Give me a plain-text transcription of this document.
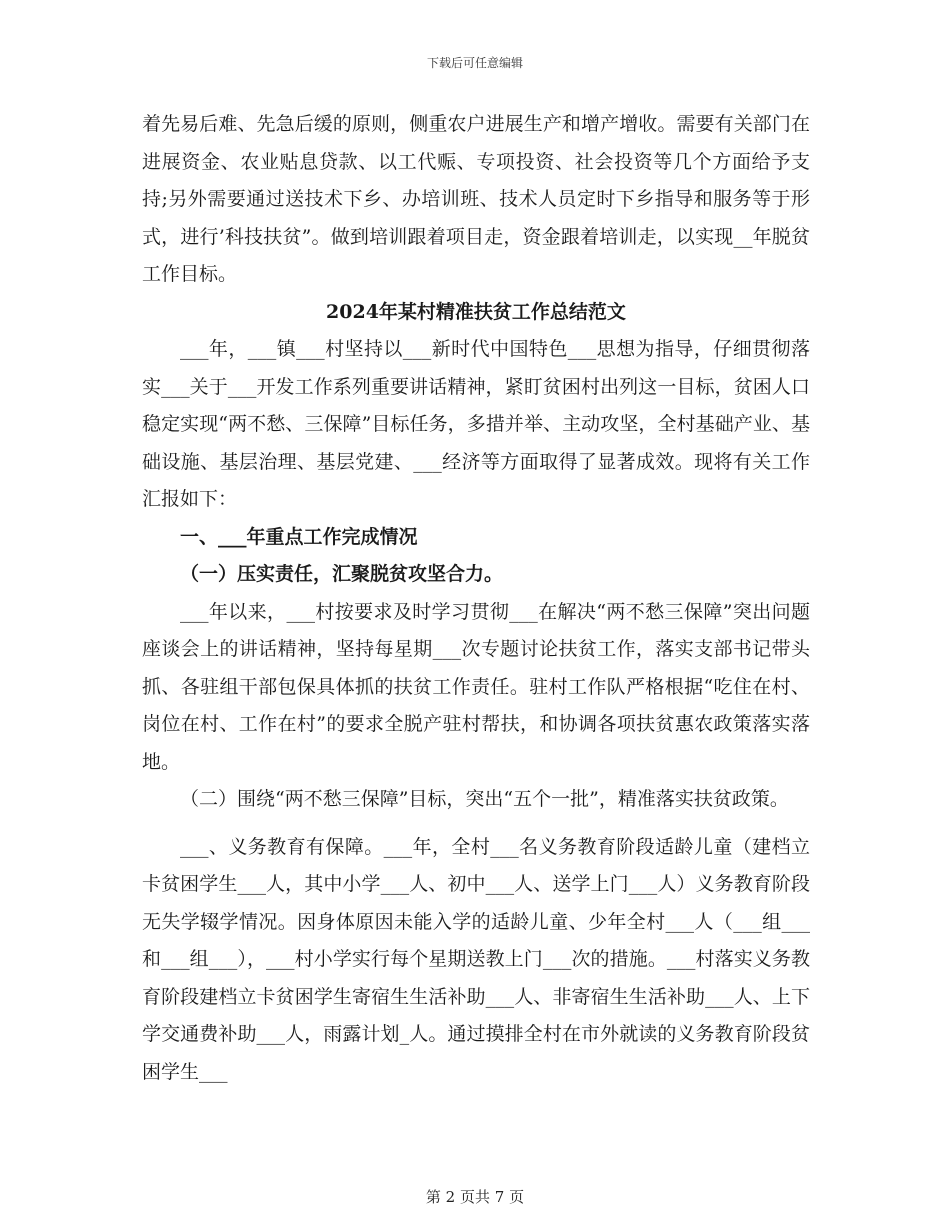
下载后可任意编辑

着先易后难、先急后缓的原则，侧重农户进展生产和增产增收。需要有关部门在进展资金、农业贴息贷款、以工代赈、专项投资、社会投资等几个方面给予支持;另外需要通过送技术下乡、办培训班、技术人员定时下乡指导和服务等于形式，进行’科技扶贫”。做到培训跟着项目走，资金跟着培训走，以实现__年脱贫工作目标。

2024年某村精准扶贫工作总结范文

___年，___镇___村坚持以___新时代中国特色___思想为指导，仔细贯彻落实___关于___开发工作系列重要讲话精神，紧盯贫困村出列这一目标，贫困人口稳定实现“两不愁、三保障”目标任务，多措并举、主动攻坚，全村基础产业、基础设施、基层治理、基层党建、___经济等方面取得了显著成效。现将有关工作汇报如下：

一、___年重点工作完成情况

（一）压实责任，汇聚脱贫攻坚合力。

___年以来，___村按要求及时学习贯彻___在解决“两不愁三保障”突出问题座谈会上的讲话精神，坚持每星期___次专题讨论扶贫工作，落实支部书记带头抓、各驻组干部包保具体抓的扶贫工作责任。驻村工作队严格根据“吃住在村、岗位在村、工作在村”的要求全脱产驻村帮扶，和协调各项扶贫惠农政策落实落地。

（二）围绕“两不愁三保障”目标，突出“五个一批”，精准落实扶贫政策。

___、义务教育有保障。___年，全村___名义务教育阶段适龄儿童（建档立卡贫困学生___人，其中小学___人、初中___人、送学上门___人）义务教育阶段无失学辍学情况。因身体原因未能入学的适龄儿童、少年全村___人（___组___和___组___），___村小学实行每个星期送教上门___次的措施。___村落实义务教育阶段建档立卡贫困学生寄宿生生活补助___人、非寄宿生生活补助___人、上下学交通费补助___人，雨露计划_人。通过摸排全村在市外就读的义务教育阶段贫困学生___

第 2 页共 7 页
